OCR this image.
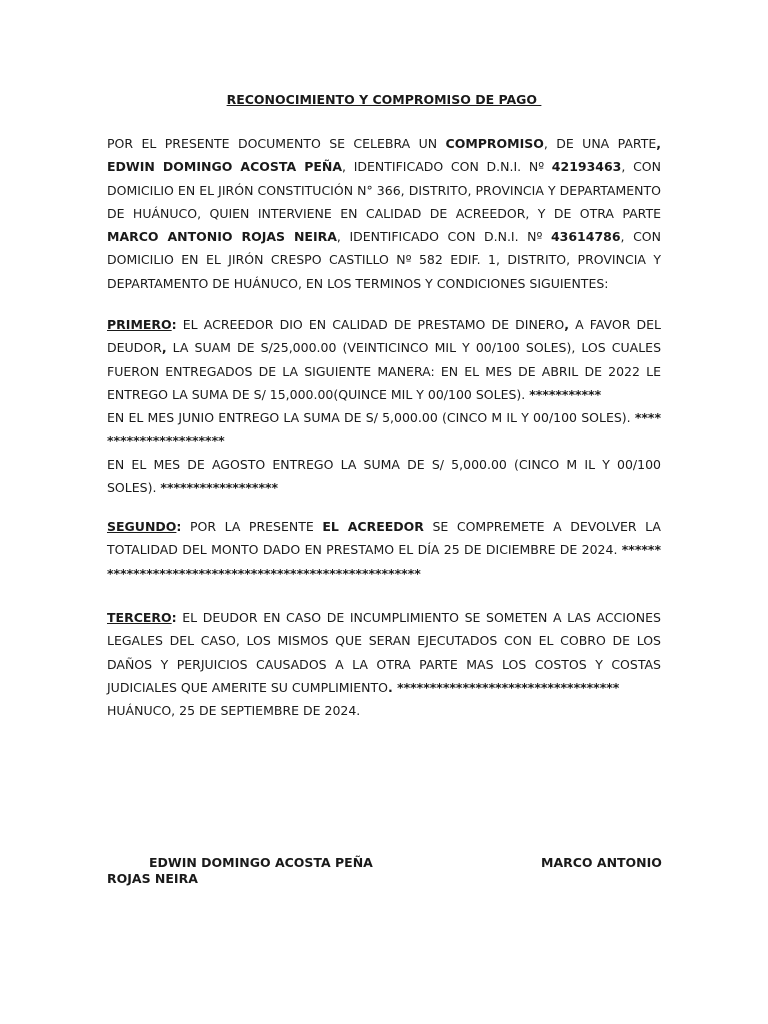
RECONOCIMIENTO Y COMPROMISO DE PAGO

POR EL PRESENTE DOCUMENTO SE CELEBRA UN COMPROMISO, DE UNA PARTE, EDWIN DOMINGO ACOSTA PEÑA, IDENTIFICADO CON D.N.I. Nº 42193463, CON DOMICILIO EN EL JIRÓN CONSTITUCIÓN N° 366, DISTRITO, PROVINCIA Y DEPARTAMENTO DE HUÁNUCO, QUIEN INTERVIENE EN CALIDAD DE ACREEDOR, Y DE OTRA PARTE MARCO ANTONIO ROJAS NEIRA, IDENTIFICADO CON D.N.I. Nº 43614786, CON DOMICILIO EN EL JIRÓN CRESPO CASTILLO Nº 582 EDIF. 1, DISTRITO, PROVINCIA Y DEPARTAMENTO DE HUÁNUCO, EN LOS TERMINOS Y CONDICIONES SIGUIENTES:

PRIMERO: EL ACREEDOR DIO EN CALIDAD DE PRESTAMO DE DINERO, A FAVOR DEL DEUDOR, LA SUAM DE S/25,000.00 (VEINTICINCO MIL Y 00/100 SOLES), LOS CUALES FUERON ENTREGADOS DE LA SIGUIENTE MANERA: EN EL MES DE ABRIL DE 2022 LE ENTREGO LA SUMA DE S/ 15,000.00(QUINCE MIL Y 00/100 SOLES). ***********

EN EL MES JUNIO ENTREGO LA SUMA DE S/ 5,000.00 (CINCO M IL Y 00/100 SOLES). **********************

EN EL MES DE AGOSTO ENTREGO LA SUMA DE S/ 5,000.00 (CINCO M IL Y 00/100 SOLES). ******************

SEGUNDO: POR LA PRESENTE EL ACREEDOR SE COMPREMETE A DEVOLVER LA TOTALIDAD DEL MONTO DADO EN PRESTAMO EL DÍA 25 DE DICIEMBRE DE 2024. ******************************************************

TERCERO: EL DEUDOR EN CASO DE INCUMPLIMIENTO SE SOMETEN A LAS ACCIONES LEGALES DEL CASO, LOS MISMOS QUE SERAN EJECUTADOS CON EL COBRO DE LOS DAÑOS Y PERJUICIOS CAUSADOS A LA OTRA PARTE MAS LOS COSTOS Y COSTAS JUDICIALES QUE AMERITE SU CUMPLIMIENTO. **********************************

HUÁNUCO, 25 DE SEPTIEMBRE DE 2024.

EDWIN DOMINGO ACOSTA PEÑA	MARCO ANTONIO
ROJAS NEIRA
